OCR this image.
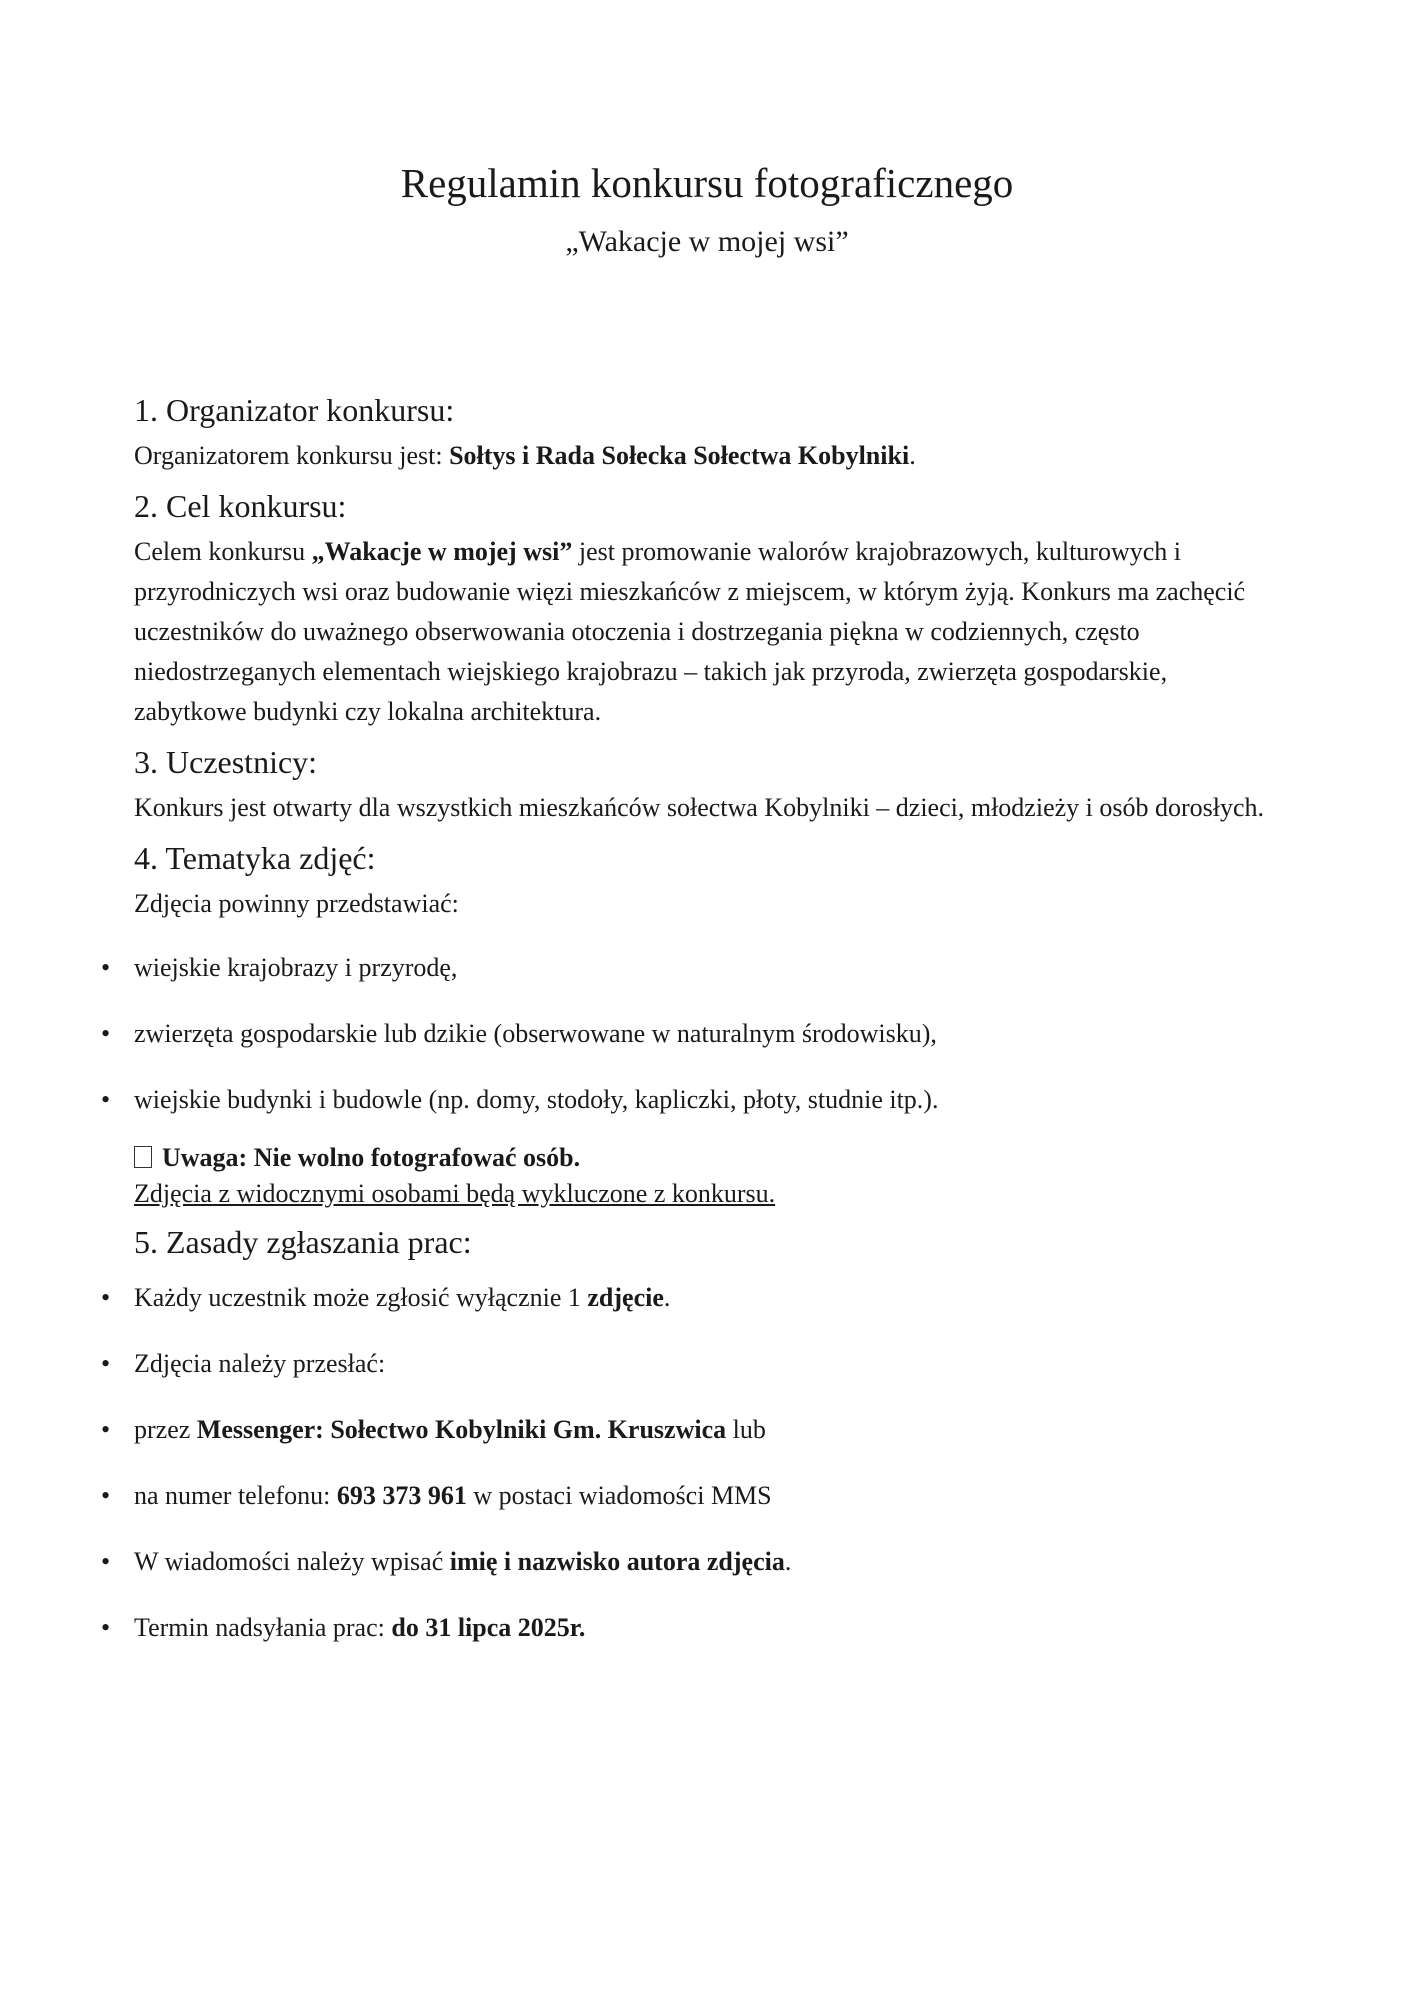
Regulamin konkursu fotograficznego
„Wakacje w mojej wsi”
1. Organizator konkursu:

Organizatorem konkursu jest: Sołtys i Rada Sołecka Sołectwa Kobylniki.

2. Cel konkursu:

Celem konkursu „Wakacje w mojej wsi” jest promowanie walorów krajobrazowych, kulturowych i przyrodniczych wsi oraz budowanie więzi mieszkańców z miejscem, w którym żyją. Konkurs ma zachęcić uczestników do uważnego obserwowania otoczenia i dostrzegania piękna w codziennych, często niedostrzeganych elementach wiejskiego krajobrazu – takich jak przyroda, zwierzęta gospodarskie, zabytkowe budynki czy lokalna architektura.

3. Uczestnicy:

Konkurs jest otwarty dla wszystkich mieszkańców sołectwa Kobylniki – dzieci, młodzieży i osób dorosłych.

4. Tematyka zdjęć:

Zdjęcia powinny przedstawiać:

• wiejskie krajobrazy i przyrodę,
• zwierzęta gospodarskie lub dzikie (obserwowane w naturalnym środowisku),
• wiejskie budynki i budowle (np. domy, stodoły, kapliczki, płoty, studnie itp.).
Uwaga: Nie wolno fotografować osób.
Zdjęcia z widocznymi osobami będą wykluczone z konkursu.
5. Zasady zgłaszania prac:
• Każdy uczestnik może zgłosić wyłącznie 1 zdjęcie.
• Zdjęcia należy przesłać:
• przez Messenger: Sołectwo Kobylniki Gm. Kruszwica lub
• na numer telefonu: 693 373 961 w postaci wiadomości MMS
• W wiadomości należy wpisać imię i nazwisko autora zdjęcia.
• Termin nadsyłania prac: do 31 lipca 2025r.
